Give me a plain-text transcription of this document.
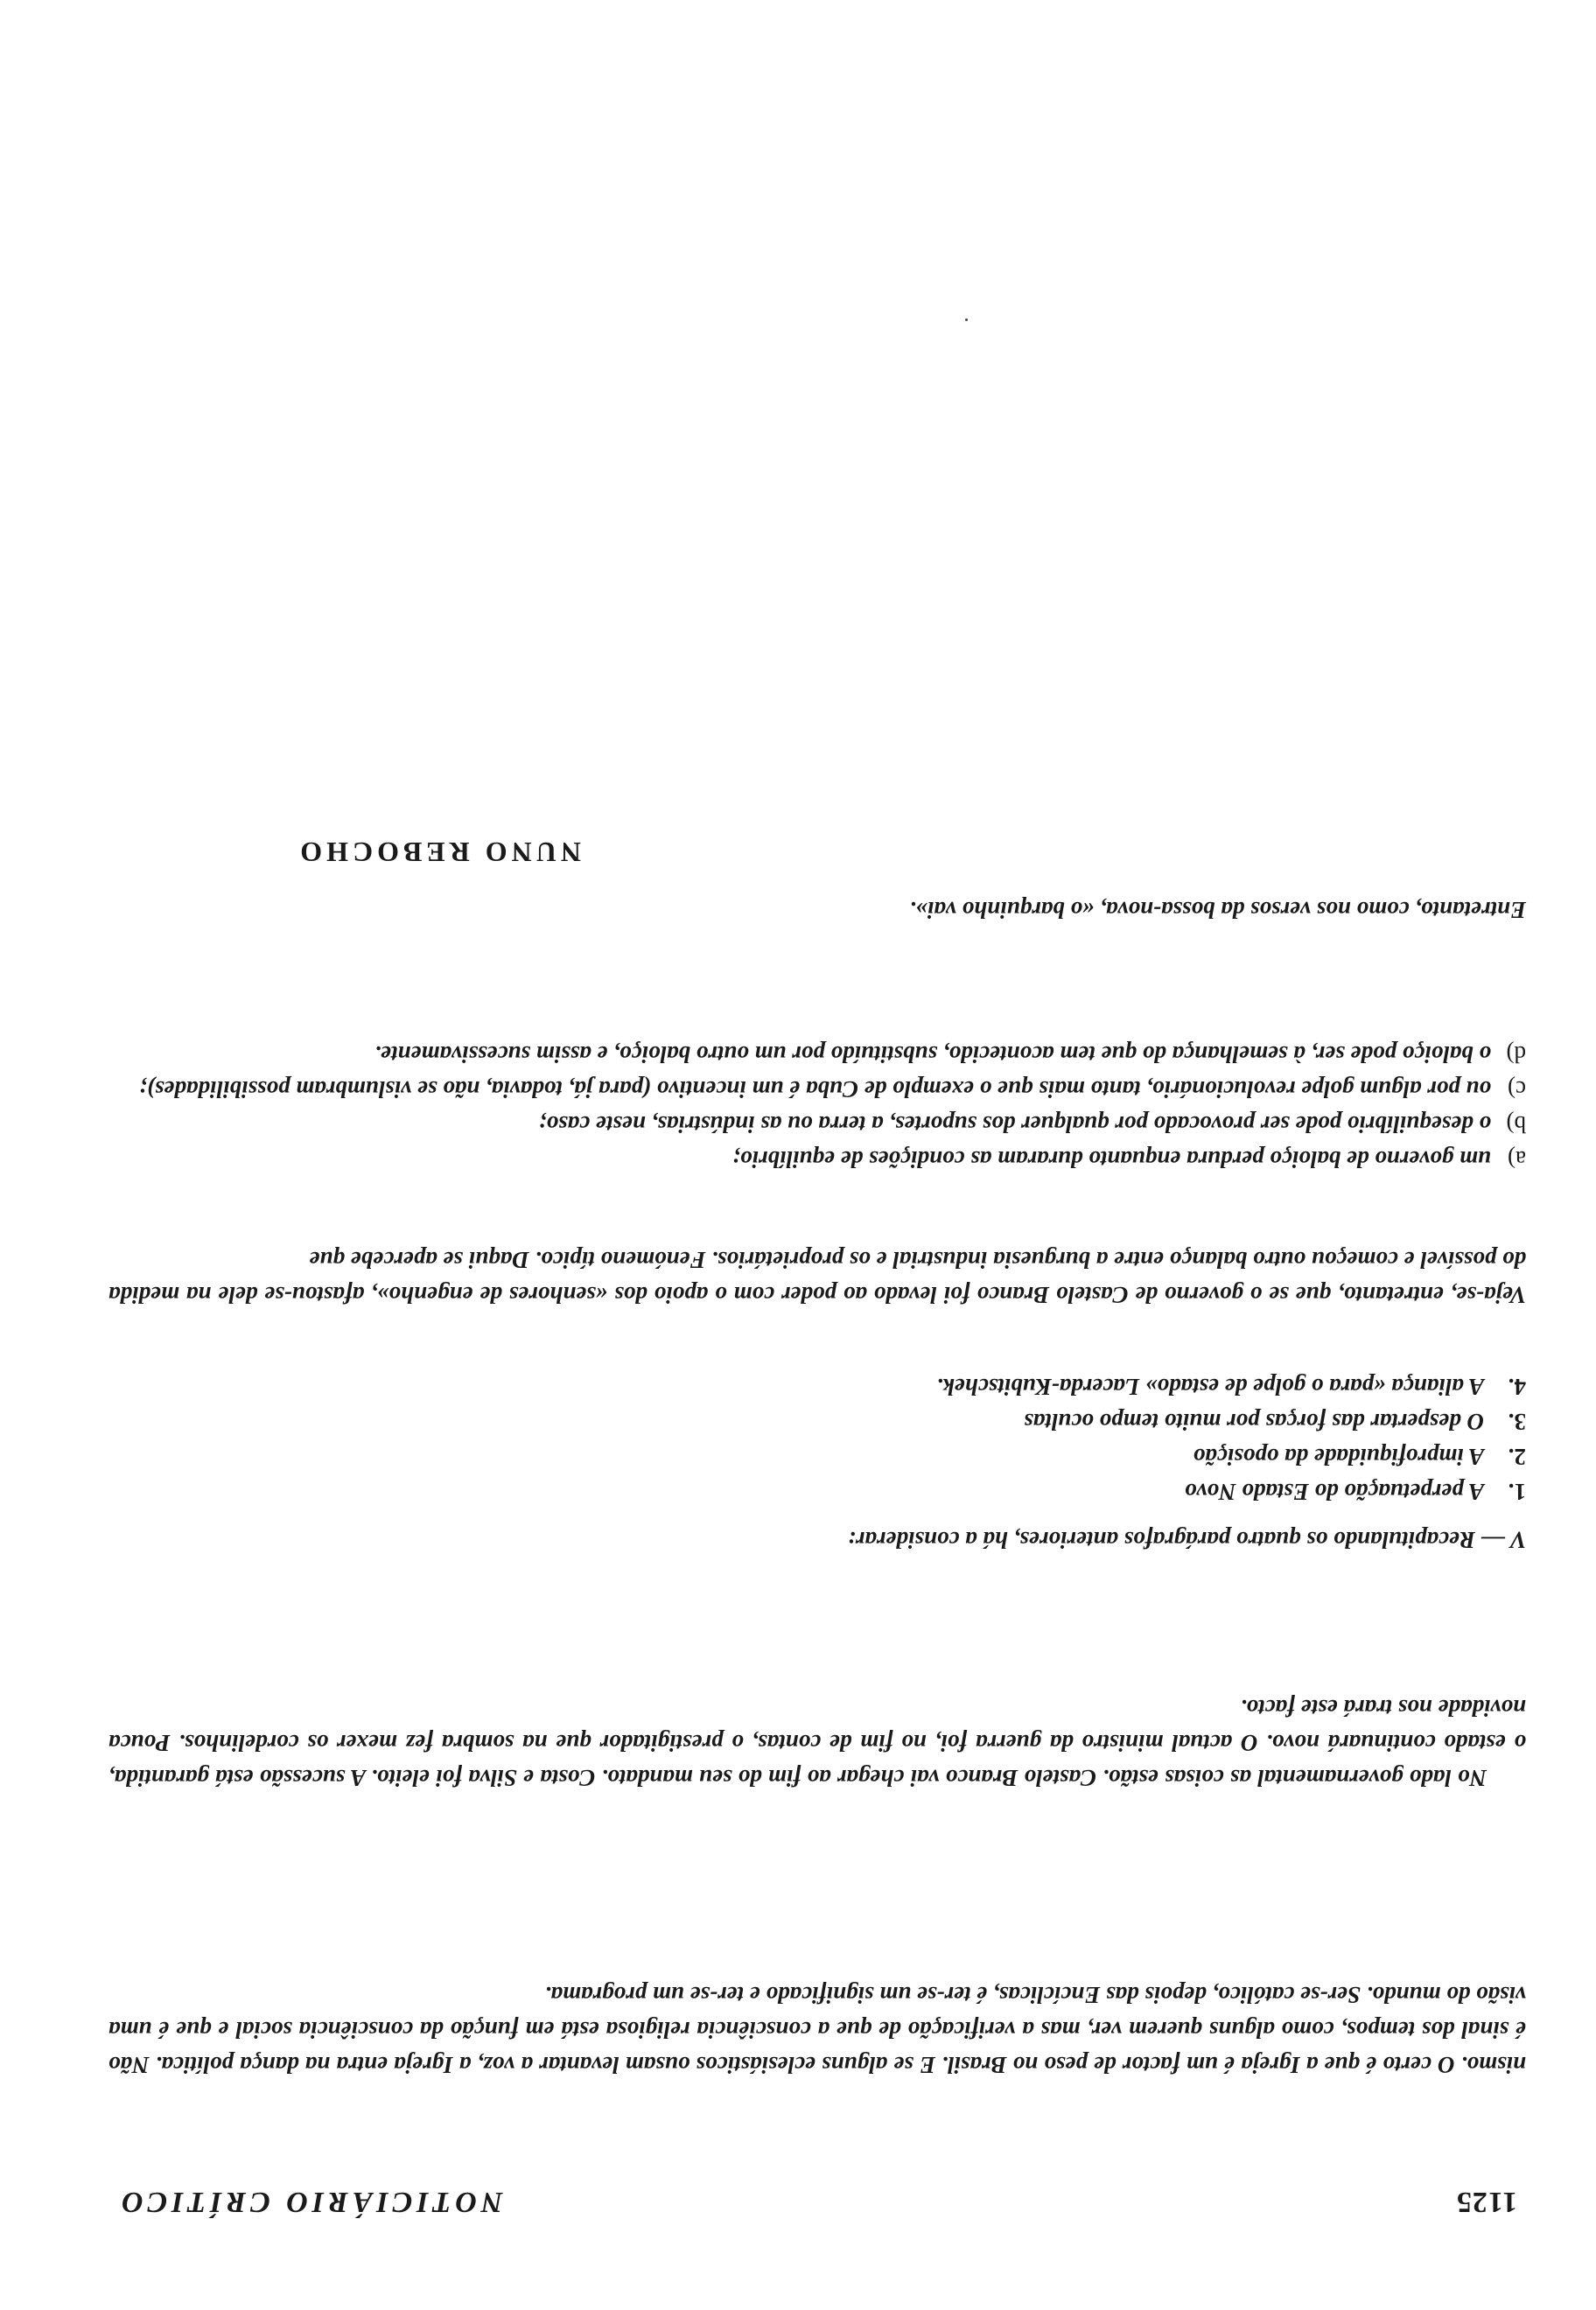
1125
NOTICIÁRIO CRÍTICO

nismo. O certo é que a Igreja é um factor de peso no Brasil. E se alguns eclesiásticos ousam levantar a voz, a Igreja entra na dança política. Não é sinal dos tempos, como alguns querem ver, mas a verificação de que a consciência religiosa está em função da consciência social e que é uma visão do mundo. Ser-se católico, depois das Encíclicas, é ter-se um significado e ter-se um programa.

No lado governamental as coisas estão. Castelo Branco vai chegar ao fim do seu mandato. Costa e Silva foi eleito. A sucessão está garantida, o estado continuará novo. O actual ministro da guerra foi, no fim de contas, o prestigitador que na sombra fez mexer os cordelinhos. Pouca novidade nos trará este facto.

V — Recapitulando os quatro parágrafos anteriores, há a considerar:

1.
A perpetuação do Estado Novo
2.
A improfiquidade da oposição
3.
O despertar das forças por muito tempo ocultas
4.
A aliança «para o golpe de estado» Lacerda-Kubitschek.

Veja-se, entretanto, que se o governo de Castelo Branco foi levado ao poder com o apoio dos «senhores de engenho», afastou-se dele na medida do possível e começou outro balanço entre a burguesia industrial e os proprietários. Fenómeno típico. Daqui se apercebe que

a)
um governo de baloiço perdura enquanto duraram as condições de equilíbrio;
b)
o desequilíbrio pode ser provocado por qualquer dos suportes, a terra ou as indústrias, neste caso;
c)
ou por algum golpe revolucionário, tanto mais que o exemplo de Cuba é um incentivo (para já, todavia, não se vislumbram possibilidades);
d)
o baloiço pode ser, à semelhança do que tem acontecido, substituído por um outro baloiço, e assim sucessivamente.

Entretanto, como nos versos da bossa-nova, «o barquinho vai».

NUNO REBOCHO
